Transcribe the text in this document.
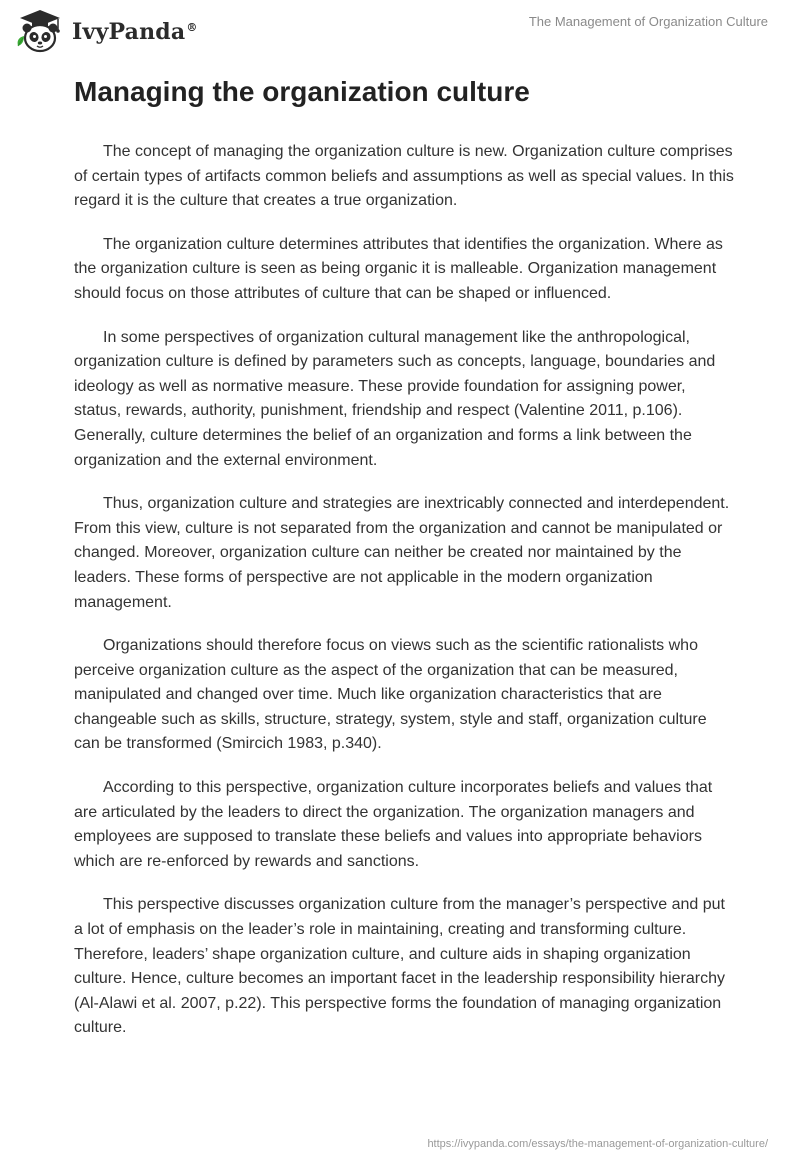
IvyPanda®	The Management of Organization Culture
Managing the organization culture

The concept of managing the organization culture is new. Organization culture comprises of certain types of artifacts common beliefs and assumptions as well as special values. In this regard it is the culture that creates a true organization.

The organization culture determines attributes that identifies the organization. Where as the organization culture is seen as being organic it is malleable. Organization management should focus on those attributes of culture that can be shaped or influenced.

In some perspectives of organization cultural management like the anthropological, organization culture is defined by parameters such as concepts, language, boundaries and ideology as well as normative measure. These provide foundation for assigning power, status, rewards, authority, punishment, friendship and respect (Valentine 2011, p.106). Generally, culture determines the belief of an organization and forms a link between the organization and the external environment.

Thus, organization culture and strategies are inextricably connected and interdependent. From this view, culture is not separated from the organization and cannot be manipulated or changed. Moreover, organization culture can neither be created nor maintained by the leaders. These forms of perspective are not applicable in the modern organization management.

Organizations should therefore focus on views such as the scientific rationalists who perceive organization culture as the aspect of the organization that can be measured, manipulated and changed over time. Much like organization characteristics that are changeable such as skills, structure, strategy, system, style and staff, organization culture can be transformed (Smircich 1983, p.340).

According to this perspective, organization culture incorporates beliefs and values that are articulated by the leaders to direct the organization. The organization managers and employees are supposed to translate these beliefs and values into appropriate behaviors which are re-enforced by rewards and sanctions.

This perspective discusses organization culture from the manager’s perspective and put a lot of emphasis on the leader’s role in maintaining, creating and transforming culture. Therefore, leaders’ shape organization culture, and culture aids in shaping organization culture. Hence, culture becomes an important facet in the leadership responsibility hierarchy (Al-Alawi et al. 2007, p.22). This perspective forms the foundation of managing organization culture.

https://ivypanda.com/essays/the-management-of-organization-culture/
